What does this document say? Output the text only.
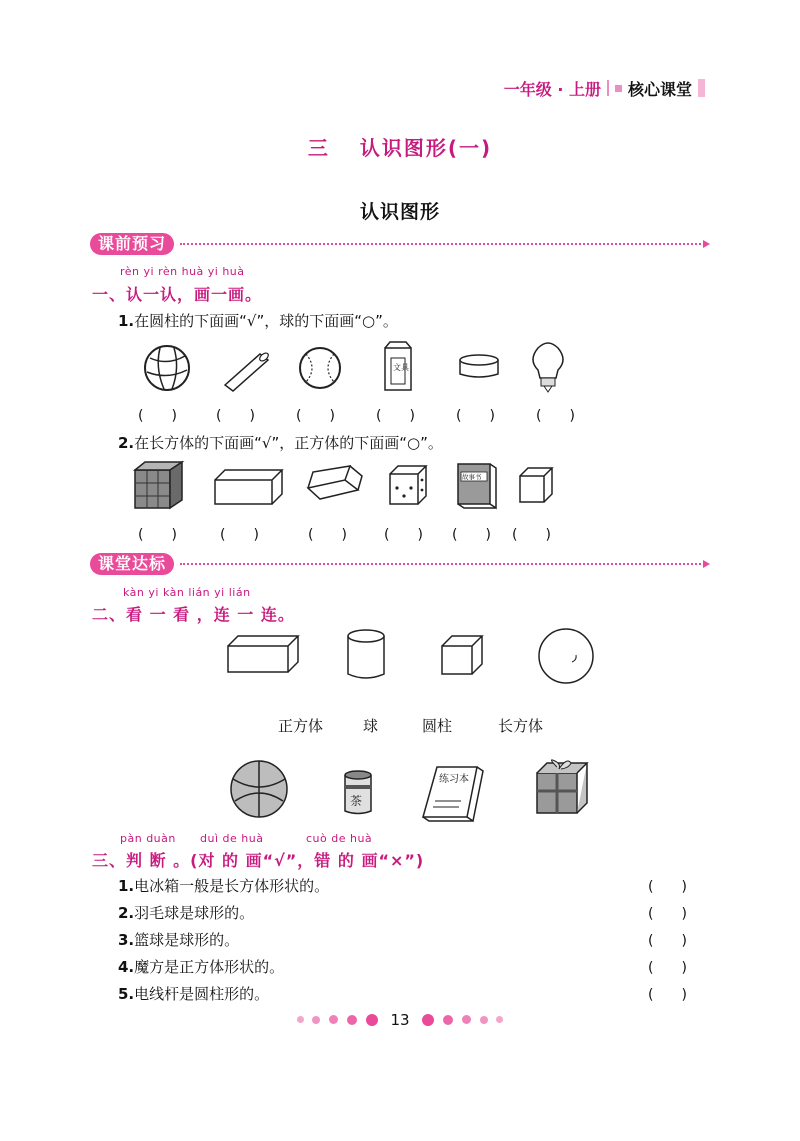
一年级 · 上册 核心课堂
三 认识图形(一)
认识图形
课前预习
rèn yi rèn huà yi huà
一、认一认，画一画。
1.在圆柱的下面画“√”，球的下面画“○”。
文具
(　　)	(　　)	(　　)	(　　)	(　　)	(　　)
2.在长方体的下面画“√”，正方体的下面画“○”。
故事书
(　　)	(　　)	(　　)	(　　) (　　) (　　)
课堂达标
kàn yi kàn lián yi lián
二、看 一 看 ，连 一 连。
正方体	球	圆柱	长方体
茶
练习本
pàn duàn duì de huà	cuò de huà
三、判 断 。(对 的 画“√”，错 的 画“×”)
1.电冰箱一般是长方体形状的。	(　　)
2.羽毛球是球形的。	(　　)
3.篮球是球形的。	(　　)
4.魔方是正方体形状的。	(　　)
5.电线杆是圆柱形的。	(　　)
13
